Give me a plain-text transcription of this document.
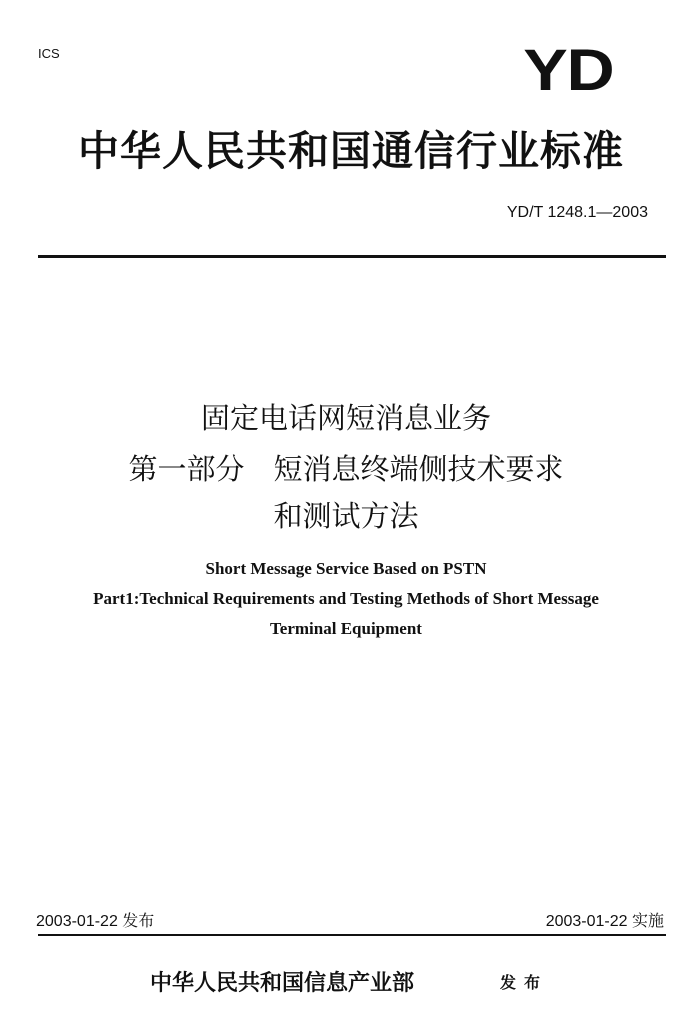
ICS	YD
中华人民共和国通信行业标准
YD/T 1248.1—2003
固定电话网短消息业务
第一部分　短消息终端侧技术要求
和测试方法
Short Message Service Based on PSTN
Part1:Technical Requirements and Testing Methods of Short Message
Terminal Equipment
2003-01-22 发布	2003-01-22 实施
中华人民共和国信息产业部	发布
